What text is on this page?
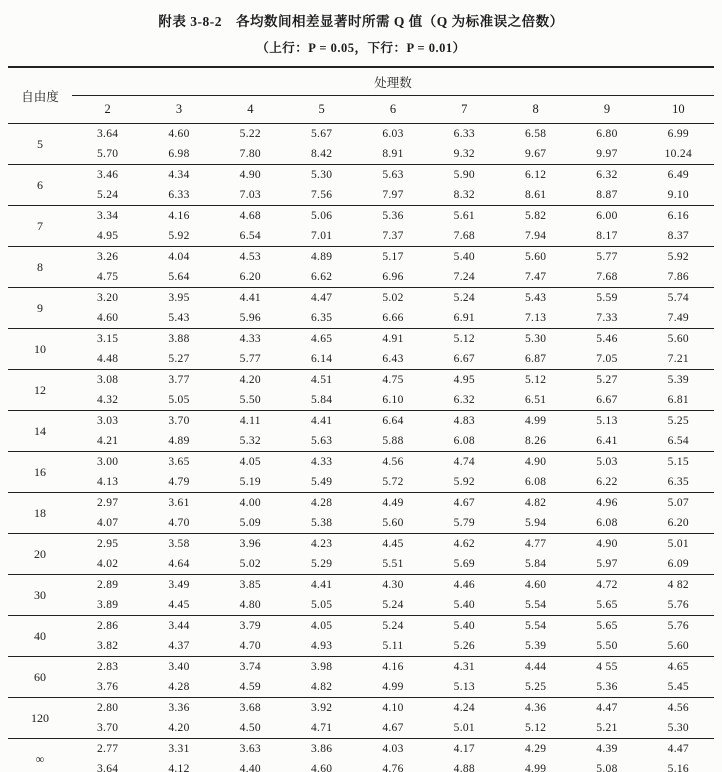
附表 3-8-2 各均数间相差显著时所需 Q 值（Q 为标准误之倍数）
（上行：P = 0.05，下行：P = 0.01）
自由度	处理数								
	2	3	4	5	6	7	8	9	10
5	3.64	4.60	5.22	5.67	6.03	6.33	6.58	6.80	6.99
	5.70	6.98	7.80	8.42	8.91	9.32	9.67	9.97	10.24
6	3.46	4.34	4.90	5.30	5.63	5.90	6.12	6.32	6.49
	5.24	6.33	7.03	7.56	7.97	8.32	8.61	8.87	9.10
7	3.34	4.16	4.68	5.06	5.36	5.61	5.82	6.00	6.16
	4.95	5.92	6.54	7.01	7.37	7.68	7.94	8.17	8.37
8	3.26	4.04	4.53	4.89	5.17	5.40	5.60	5.77	5.92
	4.75	5.64	6.20	6.62	6.96	7.24	7.47	7.68	7.86
9	3.20	3.95	4.41	4.47	5.02	5.24	5.43	5.59	5.74
	4.60	5.43	5.96	6.35	6.66	6.91	7.13	7.33	7.49
10	3.15	3.88	4.33	4.65	4.91	5.12	5.30	5.46	5.60
	4.48	5.27	5.77	6.14	6.43	6.67	6.87	7.05	7.21
12	3.08	3.77	4.20	4.51	4.75	4.95	5.12	5.27	5.39
	4.32	5.05	5.50	5.84	6.10	6.32	6.51	6.67	6.81
14	3.03	3.70	4.11	4.41	6.64	4.83	4.99	5.13	5.25
	4.21	4.89	5.32	5.63	5.88	6.08	8.26	6.41	6.54
16	3.00	3.65	4.05	4.33	4.56	4.74	4.90	5.03	5.15
	4.13	4.79	5.19	5.49	5.72	5.92	6.08	6.22	6.35
18	2.97	3.61	4.00	4.28	4.49	4.67	4.82	4.96	5.07
	4.07	4.70	5.09	5.38	5.60	5.79	5.94	6.08	6.20
20	2.95	3.58	3.96	4.23	4.45	4.62	4.77	4.90	5.01
	4.02	4.64	5.02	5.29	5.51	5.69	5.84	5.97	6.09
30	2.89	3.49	3.85	4.41	4.30	4.46	4.60	4.72	4 82
	3.89	4.45	4.80	5.05	5.24	5.40	5.54	5.65	5.76
40	2.86	3.44	3.79	4.05	5.24	5.40	5.54	5.65	5.76
	3.82	4.37	4.70	4.93	5.11	5.26	5.39	5.50	5.60
60	2.83	3.40	3.74	3.98	4.16	4.31	4.44	4 55	4.65
	3.76	4.28	4.59	4.82	4.99	5.13	5.25	5.36	5.45
120	2.80	3.36	3.68	3.92	4.10	4.24	4.36	4.47	4.56
	3.70	4.20	4.50	4.71	4.67	5.01	5.12	5.21	5.30
∞	2.77	3.31	3.63	3.86	4.03	4.17	4.29	4.39	4.47
	3.64	4.12	4.40	4.60	4.76	4.88	4.99	5.08	5.16
